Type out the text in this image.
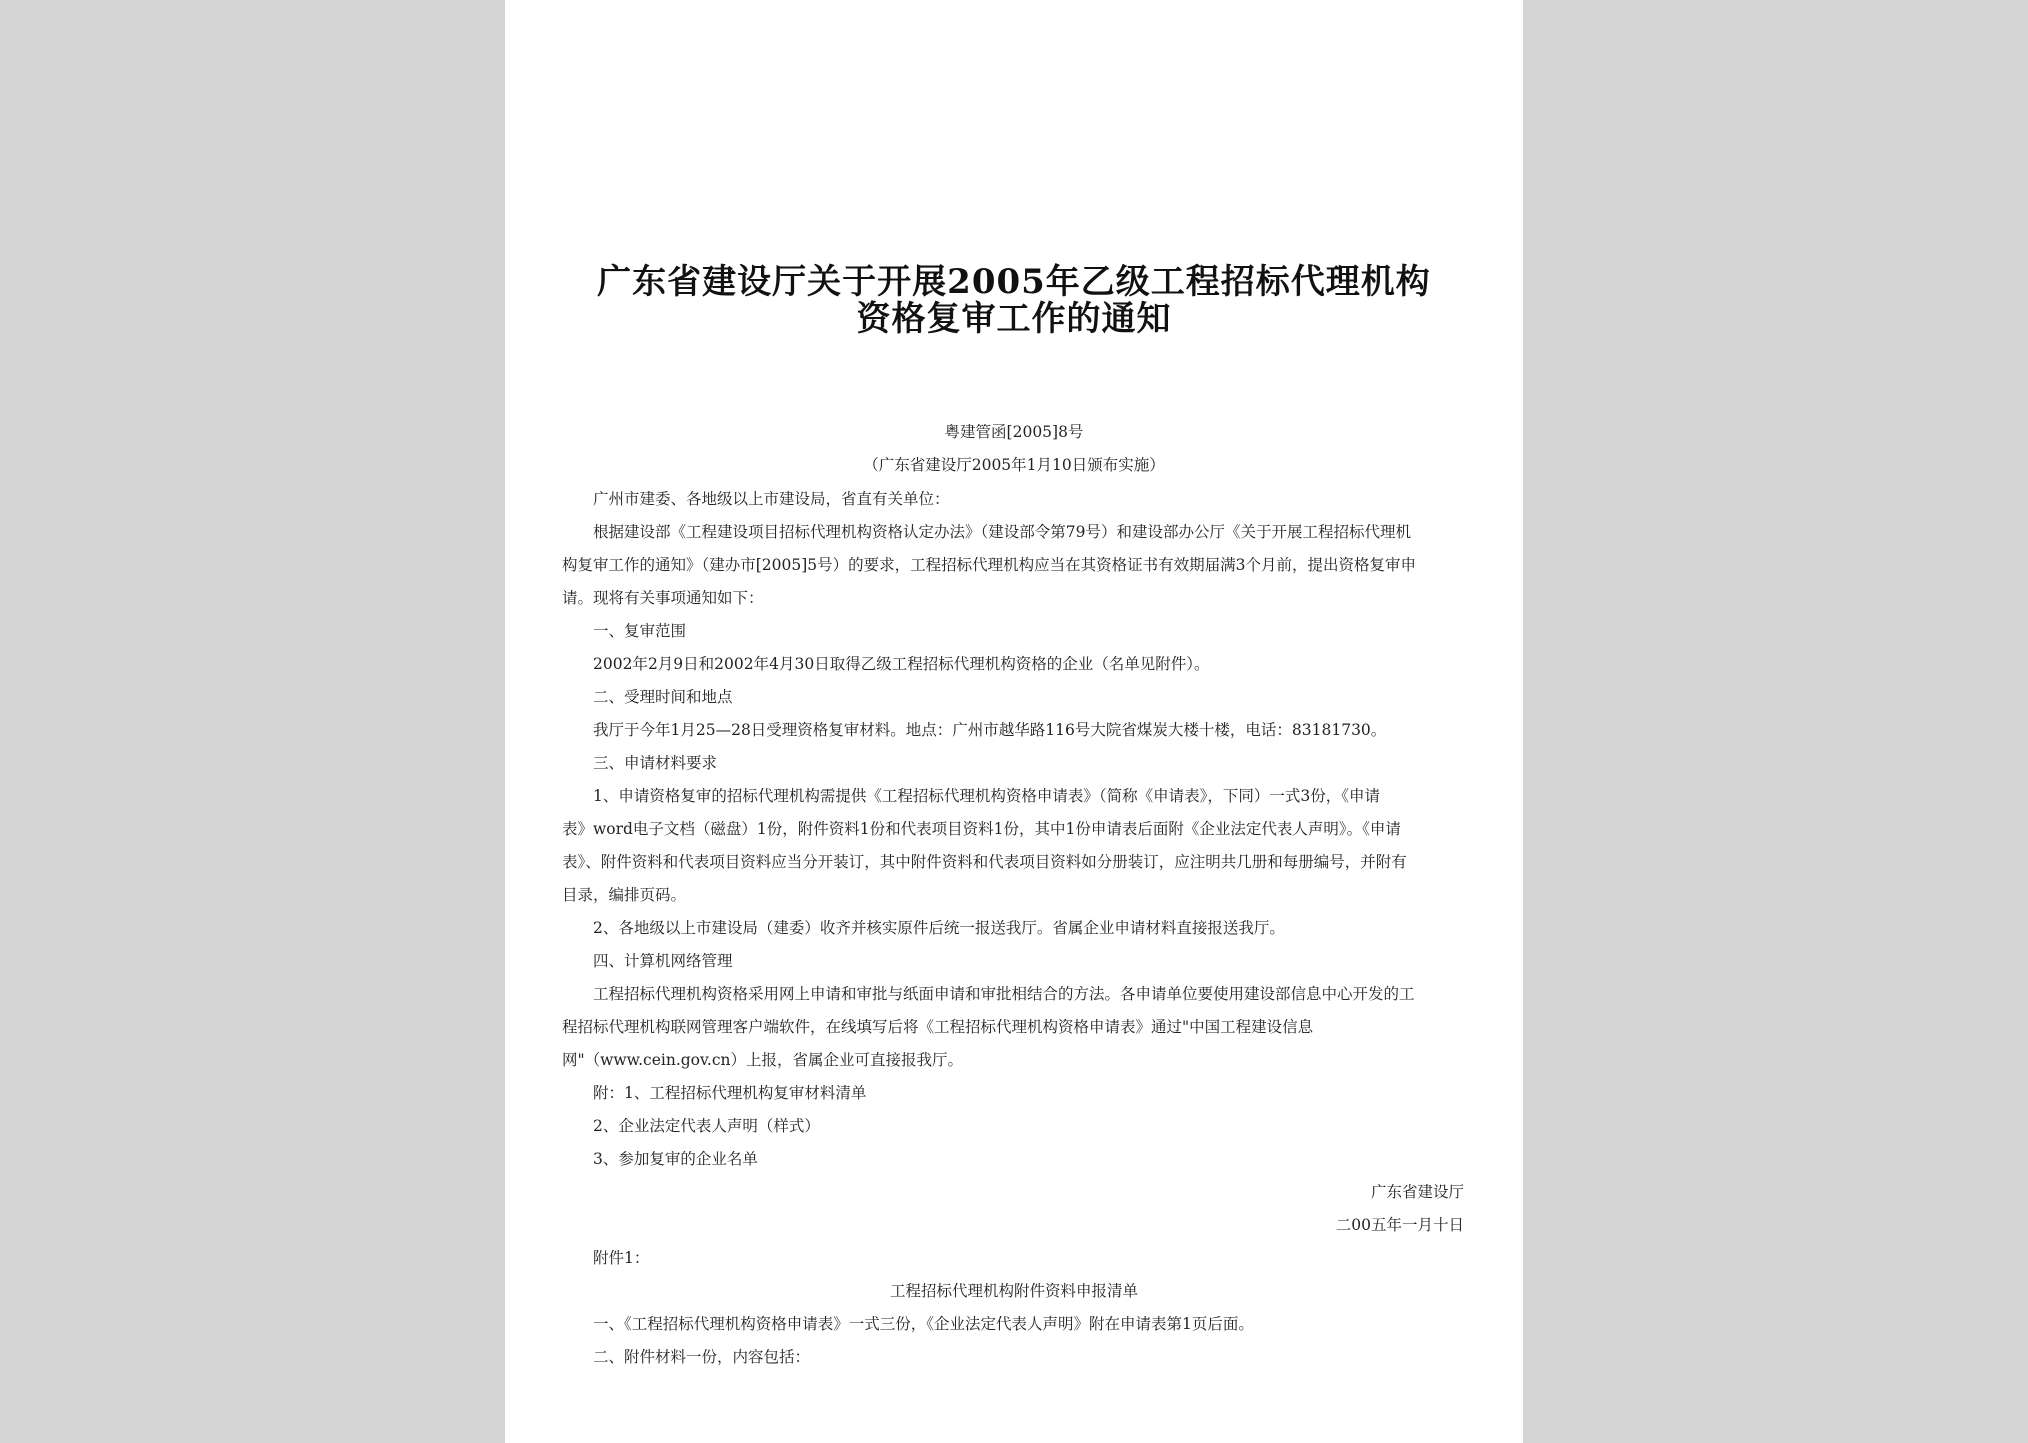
广东省建设厅关于开展2005年乙级工程招标代理机构
资格复审工作的通知
粤建管函[2005]8号
（广东省建设厅2005年1月10日颁布实施）
广州市建委、各地级以上市建设局，省直有关单位：
根据建设部《工程建设项目招标代理机构资格认定办法》（建设部令第79号）和建设部办公厅《关于开展工程招标代理机
构复审工作的通知》（建办市[2005]5号）的要求，工程招标代理机构应当在其资格证书有效期届满3个月前，提出资格复审申
请。现将有关事项通知如下：
一、复审范围
2002年2月9日和2002年4月30日取得乙级工程招标代理机构资格的企业（名单见附件）。
二、受理时间和地点
我厅于今年1月25—28日受理资格复审材料。地点：广州市越华路116号大院省煤炭大楼十楼，电话：83181730。
三、申请材料要求
1、申请资格复审的招标代理机构需提供《工程招标代理机构资格申请表》（简称《申请表》，下同）一式3份，《申请
表》word电子文档（磁盘）1份，附件资料1份和代表项目资料1份，其中1份申请表后面附《企业法定代表人声明》。《申请
表》、附件资料和代表项目资料应当分开装订，其中附件资料和代表项目资料如分册装订，应注明共几册和每册编号，并附有
目录，编排页码。
2、各地级以上市建设局（建委）收齐并核实原件后统一报送我厅。省属企业申请材料直接报送我厅。
四、计算机网络管理
工程招标代理机构资格采用网上申请和审批与纸面申请和审批相结合的方法。各申请单位要使用建设部信息中心开发的工
程招标代理机构联网管理客户端软件，在线填写后将《工程招标代理机构资格申请表》通过"中国工程建设信息
网"（www.cein.gov.cn）上报，省属企业可直接报我厅。
附：1、工程招标代理机构复审材料清单
2、企业法定代表人声明（样式）
3、参加复审的企业名单
广东省建设厅
二00五年一月十日
附件1：
工程招标代理机构附件资料申报清单
一、《工程招标代理机构资格申请表》一式三份，《企业法定代表人声明》附在申请表第1页后面。
二、附件材料一份，内容包括：
